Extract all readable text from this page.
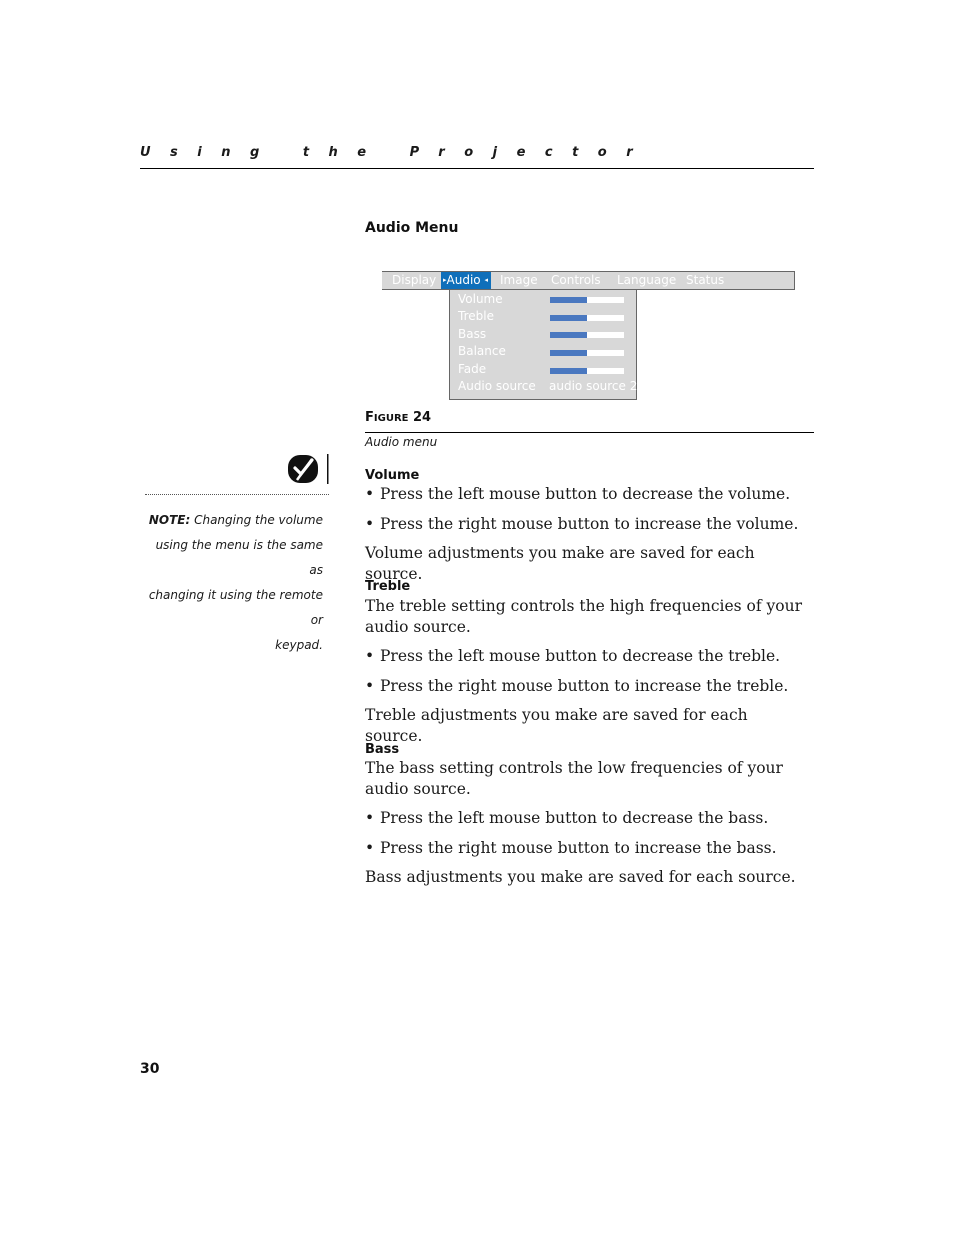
Using the Projector
Audio Menu
Display ▸Audio ◂ Image Controls Language Status
Volume
Treble
Bass
Balance
Fade
Audio source audio source 2
FIGURE 24
Audio menu
NOTE: Changing the volume
using the menu is the same as
changing it using the remote or
keypad.
Volume
• Press the left mouse button to decrease the volume.
• Press the right mouse button to increase the volume.
Volume adjustments you make are saved for each source.
Treble
The treble setting controls the high frequencies of your audio source.
• Press the left mouse button to decrease the treble.
• Press the right mouse button to increase the treble.
Treble adjustments you make are saved for each source.
Bass
The bass setting controls the low frequencies of your audio source.
• Press the left mouse button to decrease the bass.
• Press the right mouse button to increase the bass.
Bass adjustments you make are saved for each source.
30
